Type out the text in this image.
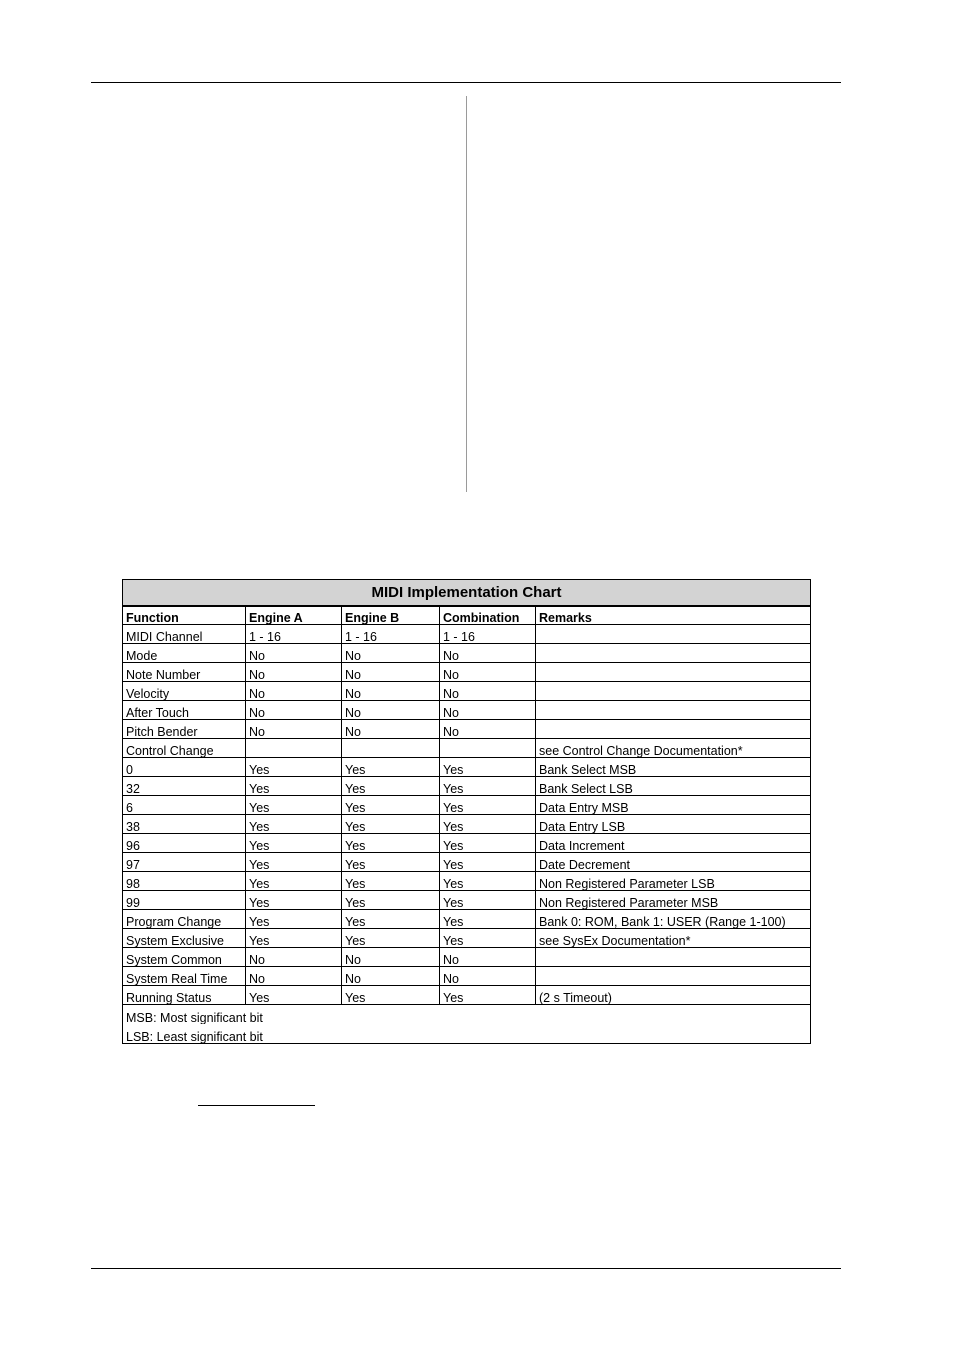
MIDI Implementation Chart				
Function	Engine A	Engine B	Combination	Remarks
MIDI Channel	1 - 16	1 - 16	1 - 16	
Mode	No	No	No	
Note Number	No	No	No	
Velocity	No	No	No	
After Touch	No	No	No	
Pitch Bender	No	No	No	
Control Change				see Control Change Documentation*
0	Yes	Yes	Yes	Bank Select MSB
32	Yes	Yes	Yes	Bank Select LSB
6	Yes	Yes	Yes	Data Entry MSB
38	Yes	Yes	Yes	Data Entry LSB
96	Yes	Yes	Yes	Data Increment
97	Yes	Yes	Yes	Date Decrement
98	Yes	Yes	Yes	Non Registered Parameter LSB
99	Yes	Yes	Yes	Non Registered Parameter MSB
Program Change	Yes	Yes	Yes	Bank 0: ROM, Bank 1: USER (Range 1-100)
System Exclusive	Yes	Yes	Yes	see SysEx Documentation*
System Common	No	No	No	
System Real Time	No	No	No	
Running Status	Yes	Yes	Yes	(2 s Timeout)
MSB: Most significant bit				
LSB: Least significant bit				
